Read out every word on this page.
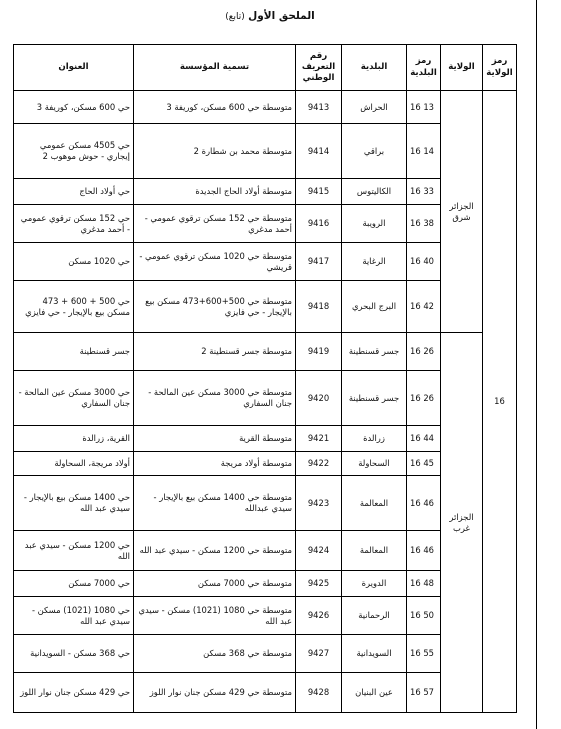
الملحق الأول (تابع)
رمز الولاية	الولاية	رمز البلدية	البلدية	رقم التعريف الوطني	تسمية المؤسسة	العنوان
16	الجزائر شرق	16 13	الحراش	9413	متوسطة حي 600 مسكن، كوريفة 3	حي 600 مسكن، كوريفة 3
		16 14	براقي	9414	متوسطة محمد بن شطارة 2	حي 4505 مسكن عمومي إيجاري - حوش موهوب 2
		16 33	الكاليتوس	9415	متوسطة أولاد الحاج الجديدة	حي أولاد الحاج
		16 38	الرويبة	9416	متوسطة حي 152 مسكن ترقوي عمومي - أحمد مدغري	حي 152 مسكن ترقوي عمومي - أحمد مدغري
		16 40	الرغاية	9417	متوسطة حي 1020 مسكن ترقوي عمومي - قريشي	حي 1020 مسكن
		16 42	البرج البحري	9418	متوسطة حي 500+600+473 مسكن بيع بالإيجار - حي فايزي	حي 500 + 600 + 473 مسكن بيع بالإيجار - حي فايزي
	الجزائر غرب	16 26	جسر قسنطينة	9419	متوسطة جسر قسنطينة 2	جسر قسنطينة
		16 26	جسر قسنطينة	9420	متوسطة حي 3000 مسكن عين المالحة - جنان السفاري	حي 3000 مسكن عين المالحة - جنان السفاري
		16 44	زرالدة	9421	متوسطة القرية	القرية، زرالدة
		16 45	السحاولة	9422	متوسطة أولاد مريجة	أولاد مريجة، السحاولة
		16 46	المعالمة	9423	متوسطة حي 1400 مسكن بيع بالإيجار - سيدي عبدالله	حي 1400 مسكن بيع بالإيجار - سيدي عبد الله
		16 46	المعالمة	9424	متوسطة حي 1200 مسكن - سيدي عبد الله	حي 1200 مسكن - سيدي عبد الله
		16 48	الدويرة	9425	متوسطة حي 7000 مسكن	حي 7000 مسكن
		16 50	الرحمانية	9426	متوسطة حي 1080 (1021) مسكن - سيدي عبد الله	حي 1080 (1021) مسكن - سيدي عبد الله
		16 55	السويدانية	9427	متوسطة حي 368 مسكن	حي 368 مسكن - السويدانية
		16 57	عين البنيان	9428	متوسطة حي 429 مسكن جنان نوار اللوز	حي 429 مسكن جنان نوار اللوز
